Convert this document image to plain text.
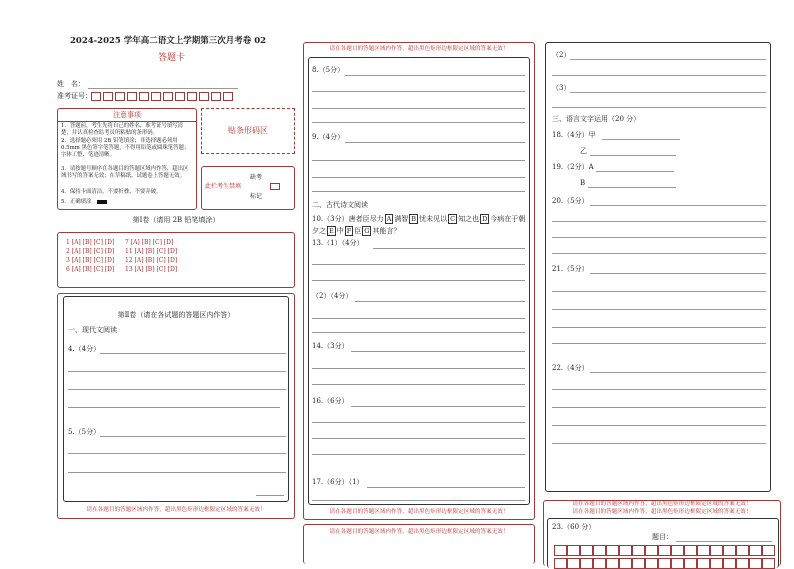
2024-2025 学年高二语文上学期第三次月考卷 02
答题卡
姓　名：
准考证号：
注意事项
1．答题前，考生先将自己的姓名，准考证号填写清楚，并认真检查监考员所粘贴的条形码。
2．选择题必须用 2B 铅笔填涂；非选择题必须用 0.5mm 黑色签字笔答题，不得用铅笔或圆珠笔答题；字体工整、笔迹清晰。
3．请按题号顺序在各题目的答题区域内作答，超出区域书写的答案无效；在草稿纸、试题卷上答题无效。
4．保持卡面清洁，不要折叠、不要弄破。
5．正确填涂
贴条形码区
此栏考生禁填
缺考
标记
第Ⅰ卷（请用 2B 铅笔填涂）
1 [A] [B] [C] [D] 7 [A] [B] [C] [D]
2 [A] [B] [C] [D] 11 [A] [B] [C] [D]
3 [A] [B] [C] [D] 12 [A] [B] [C] [D]
6 [A] [B] [C] [D] 13 [A] [B] [C] [D]
第Ⅱ卷（请在各试题的答题区内作答）
一、现代文阅读
4.（4分）
5.（5分）
请在各题目的答题区域内作答，超出黑色矩形边框限定区域的答案无效！
请在各题目的答题区域内作答，超出黑色矩形边框限定区域的答案无效！
8.（5分）
9.（4分）
二、古代诗文阅读
10.（3分）唐者臣尽力 A 满智 B 忧未见以 C 知之也 D 今病在于朝
夕之 E 中 F 臣 G 其能言？
13.（1）（4分）
（2）（4分）
14.（3分）
16.（6分）
17.（6分）（1）
请在各题目的答题区域内作答，超出黑色矩形边框限定区域的答案无效！
请在各题目的答题区域内作答，超出黑色矩形边框限定区域的答案无效！
（2）
（3）
三、语言文字运用（20 分）
18.（4分）甲
乙
19.（2分）A
B
20.（5分）
21.（5分）
22.（4分）
请在各题目的答题区域内作答，超出黑色矩形边框限定区域的答案无效！
请在各题目的答题区域内作答，超出黑色矩形边框限定区域的答案无效！
23.（60 分）
题目：
